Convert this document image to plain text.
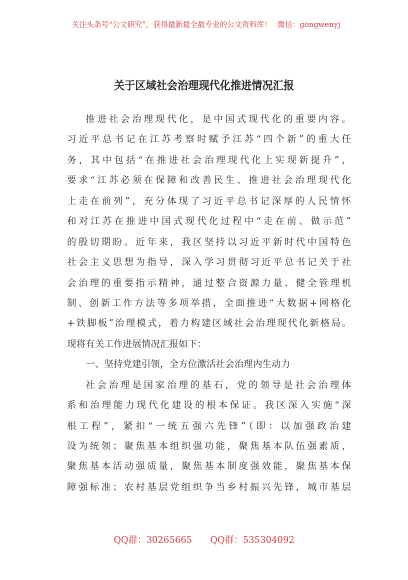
关注头条号“公文研究”，获得最新最全最专业的公文资料库！ 微信：gongwenyj
关于区域社会治理现代化推进情况汇报
推进社会治理现代化，是中国式现代化的重要内容。
习近平总书记在江苏考察时赋予江苏“四个新”的重大任
务，其中包括“在推进社会治理现代化上实现新提升”，
要求“江苏必须在保障和改善民生、推进社会治理现代化
上走在前列”，充分体现了习近平总书记深厚的人民情怀
和对江苏在推进中国式现代化过程中“走在前、做示范”
的殷切期盼。近年来，我区坚持以习近平新时代中国特色
社会主义思想为指导，深入学习贯彻习近平总书记关于社
会治理的重要指示精神，通过整合资源力量、健全管理机
制、创新工作方法等多项举措，全面推进“大数据+网格化
+铁脚板”治理模式，着力构建区域社会治理现代化新格局。
现将有关工作进展情况汇报如下：
一、坚持党建引领，全方位激活社会治理内生动力
社会治理是国家治理的基石，党的领导是社会治理体
系和治理能力现代化建设的根本保证。我区深入实施“深
根工程”，紧扣“一统五强六先锋”（即：以加强政治建
设为统领；聚焦基本组织强功能，聚焦基本队伍强素质，
聚焦基本活动强质量，聚焦基本制度强效能，聚焦基本保
障强标准；农村基层党组织争当乡村振兴先锋，城市基层
QQ群：30265665 QQ群：535304092
